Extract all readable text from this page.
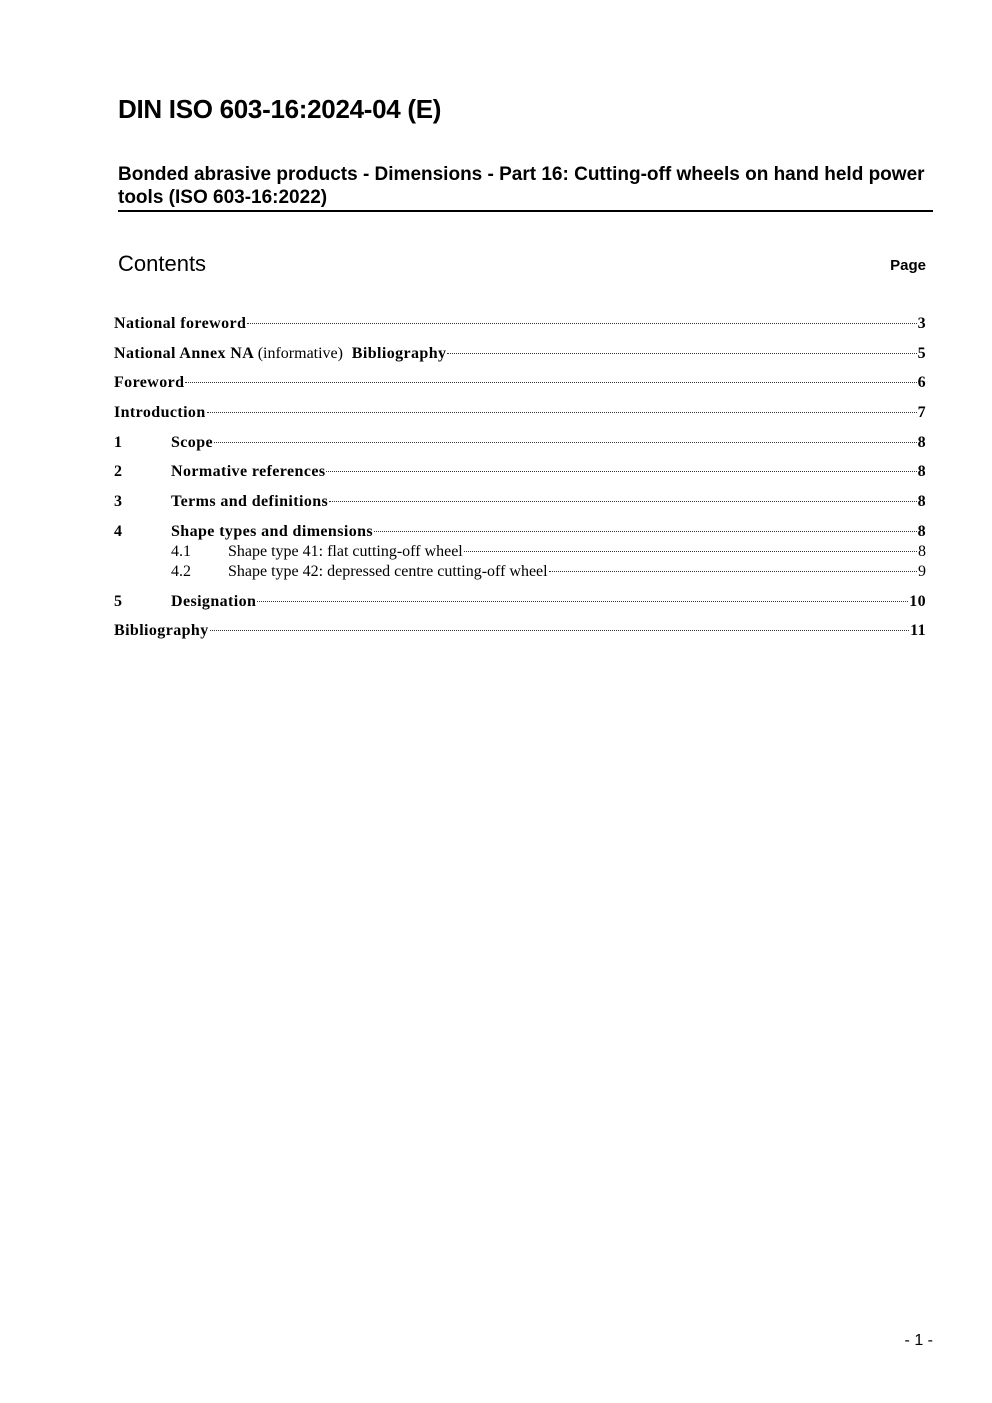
DIN ISO 603-16:2024-04 (E)
Bonded abrasive products - Dimensions - Part 16: Cutting-off wheels on hand held power tools (ISO 603-16:2022)
Contents	Page
National foreword	3
National Annex NA (informative) Bibliography	5
Foreword	6
Introduction	7
1	Scope	8
2	Normative references	8
3	Terms and definitions	8
4	Shape types and dimensions	8
4.1	Shape type 41: flat cutting-off wheel	8
4.2	Shape type 42: depressed centre cutting-off wheel	9
5	Designation	10
Bibliography	11
- 1 -
